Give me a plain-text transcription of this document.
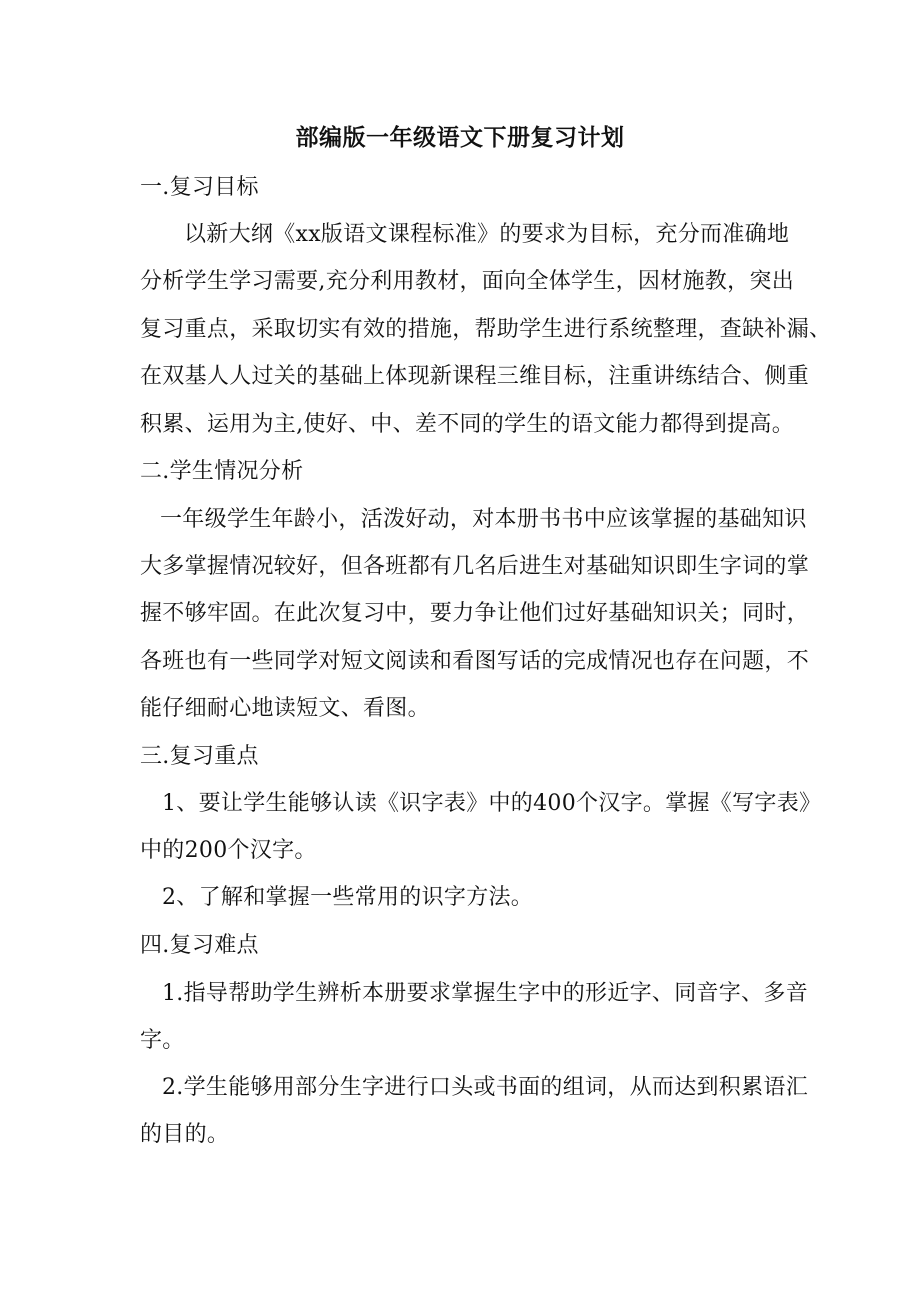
部编版一年级语文下册复习计划

一.复习目标

以新大纲《xx版语文课程标准》的要求为目标，充分而准确地

分析学生学习需要,充分利用教材，面向全体学生，因材施教，突出

复习重点，采取切实有效的措施，帮助学生进行系统整理，查缺补漏、

在双基人人过关的基础上体现新课程三维目标，注重讲练结合、侧重

积累、运用为主,使好、中、差不同的学生的语文能力都得到提高。

二.学生情况分析

一年级学生年龄小，活泼好动，对本册书书中应该掌握的基础知识

大多掌握情况较好，但各班都有几名后进生对基础知识即生字词的掌

握不够牢固。在此次复习中，要力争让他们过好基础知识关；同时，

各班也有一些同学对短文阅读和看图写话的完成情况也存在问题，不

能仔细耐心地读短文、看图。

三.复习重点

1、要让学生能够认读《识字表》中的400个汉字。掌握《写字表》

中的200个汉字。

2、了解和掌握一些常用的识字方法。

四.复习难点

1.指导帮助学生辨析本册要求掌握生字中的形近字、同音字、多音

字。

2.学生能够用部分生字进行口头或书面的组词，从而达到积累语汇

的目的。
